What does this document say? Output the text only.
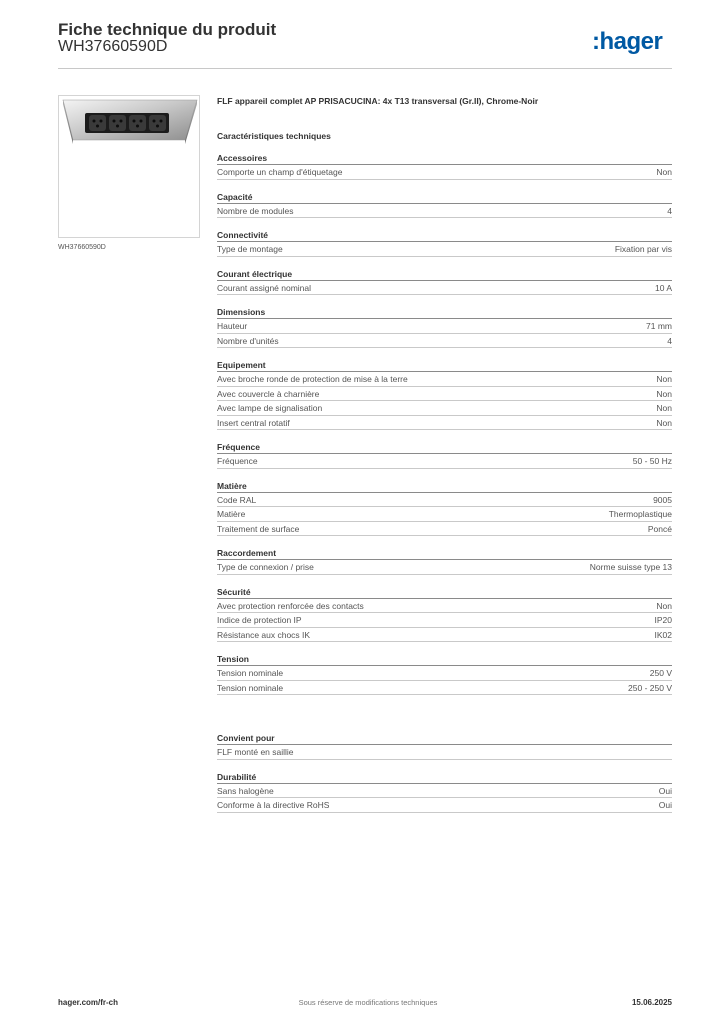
Fiche technique du produit
WH37660590D	:hager
WH37660590D
FLF appareil complet AP PRISACUCINA: 4x T13 transversal (Gr.II), Chrome-Noir
Caractéristiques techniques
Accessoires
Comporte un champ d'étiquetage	Non
Capacité
Nombre de modules	4
Connectivité
Type de montage	Fixation par vis
Courant électrique
Courant assigné nominal	10 A
Dimensions
Hauteur	71 mm
Nombre d'unités	4
Equipement
Avec broche ronde de protection de mise à la terre	Non
Avec couvercle à charnière	Non
Avec lampe de signalisation	Non
Insert central rotatif	Non
Fréquence
Fréquence	50 - 50 Hz
Matière
Code RAL	9005
Matière	Thermoplastique
Traitement de surface	Poncé
Raccordement
Type de connexion / prise	Norme suisse type 13
Sécurité
Avec protection renforcée des contacts	Non
Indice de protection IP	IP20
Résistance aux chocs IK	IK02
Tension
Tension nominale	250 V
Tension nominale	250 - 250 V
Convient pour
FLF monté en saillie
Durabilité
Sans halogène	Oui
Conforme à la directive RoHS	Oui
hager.com/fr-ch	Sous réserve de modifications techniques	15.06.2025
